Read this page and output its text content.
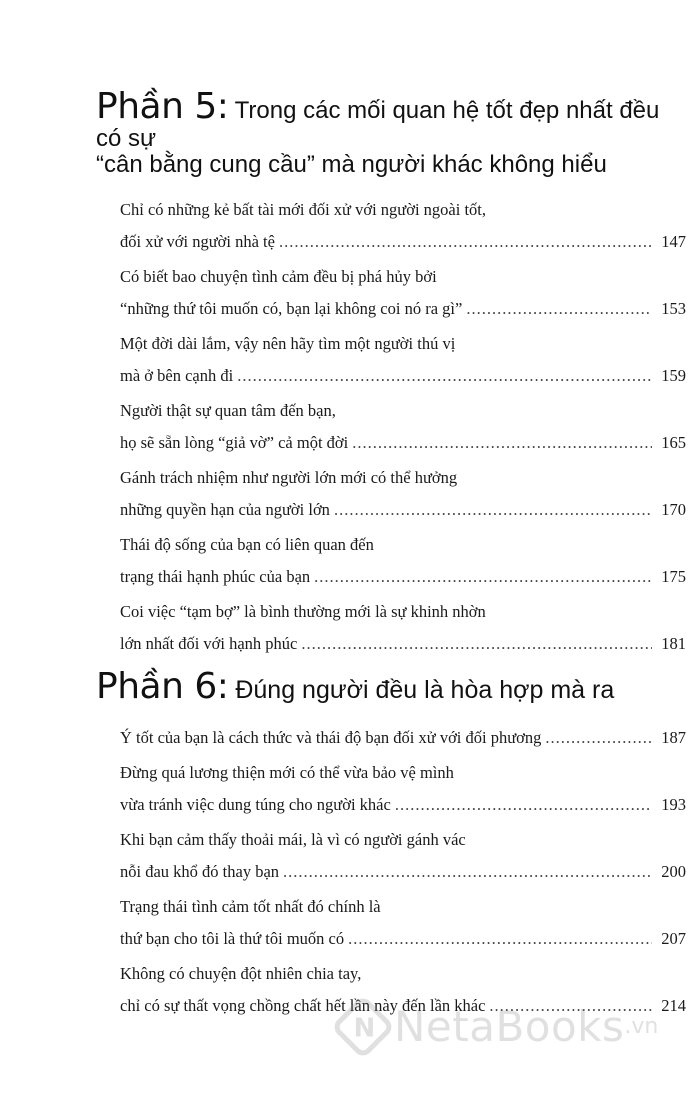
Phần 5: Trong các mối quan hệ tốt đẹp nhất đều có sự
“cân bằng cung cầu” mà người khác không hiểu
Chỉ có những kẻ bất tài mới đối xử với người ngoài tốt,
đối xử với người nhà tệ .....	147
Có biết bao chuyện tình cảm đều bị phá hủy bởi
“những thứ tôi muốn có, bạn lại không coi nó ra gì” .....	153
Một đời dài lắm, vậy nên hãy tìm một người thú vị
mà ở bên cạnh đi .....	159
Người thật sự quan tâm đến bạn,
họ sẽ sẵn lòng “giả vờ” cả một đời .....	165
Gánh trách nhiệm như người lớn mới có thể hưởng
những quyền hạn của người lớn .....	170
Thái độ sống của bạn có liên quan đến
trạng thái hạnh phúc của bạn .....	175
Coi việc “tạm bợ” là bình thường mới là sự khinh nhờn
lớn nhất đối với hạnh phúc .....	181
Phần 6: Đúng người đều là hòa hợp mà ra
Ý tốt của bạn là cách thức và thái độ bạn đối xử với đối phương .....	187
Đừng quá lương thiện mới có thể vừa bảo vệ mình
vừa tránh việc dung túng cho người khác .....	193
Khi bạn cảm thấy thoải mái, là vì có người gánh vác
nỗi đau khổ đó thay bạn .....	200
Trạng thái tình cảm tốt nhất đó chính là
thứ bạn cho tôi là thứ tôi muốn có .....	207
Không có chuyện đột nhiên chia tay,
chỉ có sự thất vọng chồng chất hết lần này đến lần khác .....	214
N
NetaBooks .vn
